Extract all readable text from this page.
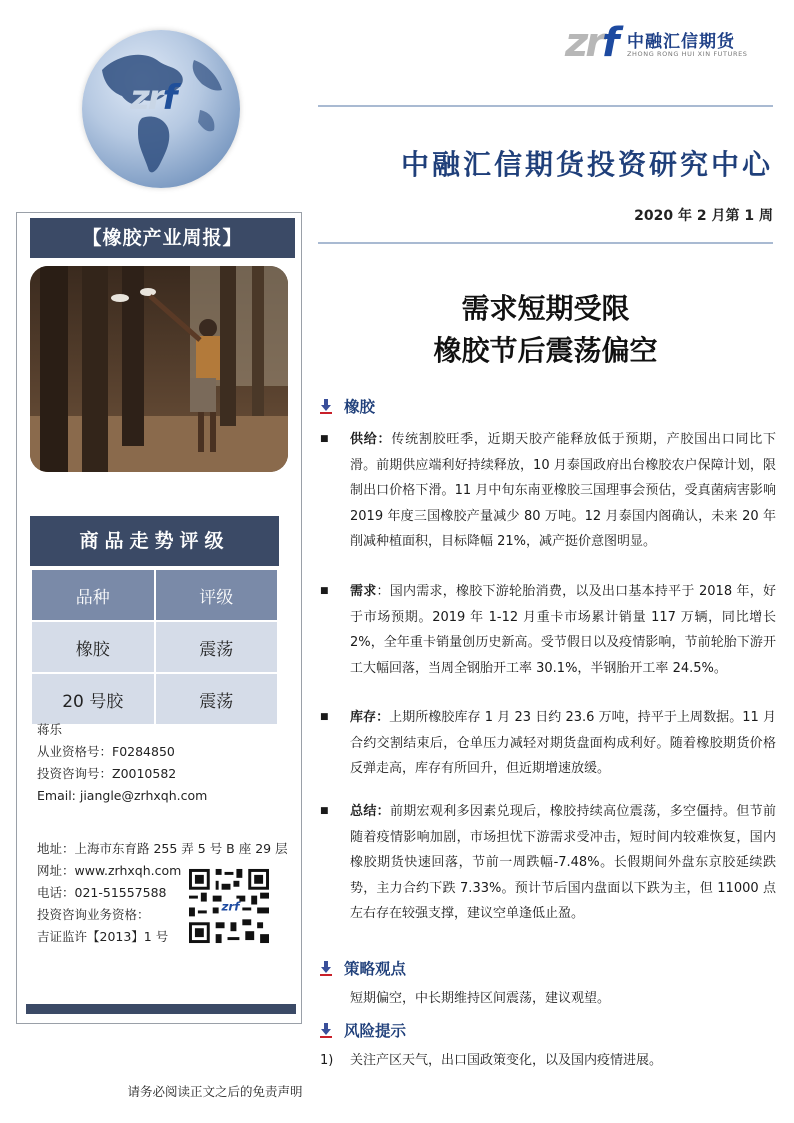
zrf
zrf 中融汇信期货
ZHONG RONG HUI XIN FUTURES
中融汇信期货投资研究中心
2020 年 2 月第 1 周
【橡胶产业周报】
商品走势评级
品种	评级
橡胶	震荡
20 号胶	震荡
蒋乐
从业资格号：F0284850
投资咨询号：Z0010582
Email: jiangle@zrhxqh.com
地址：上海市东育路 255 弄 5 号 B 座 29 层
网址：www.zrhxqh.com
电话：021-51557588
投资咨询业务资格：
吉证监许【2013】1 号
zrf
需求短期受限
橡胶节后震荡偏空
橡胶
■ 供给：传统割胶旺季，近期天胶产能释放低于预期，产胶国出口同比下滑。前期供应端利好持续释放，10 月泰国政府出台橡胶农户保障计划，限制出口价格下滑。11 月中旬东南亚橡胶三国理事会预估，受真菌病害影响 2019 年度三国橡胶产量减少 80 万吨。12 月泰国内阁确认，未来 20 年削减种植面积，目标降幅 21%，减产挺价意图明显。
■ 需求：国内需求，橡胶下游轮胎消费，以及出口基本持平于 2018 年，好于市场预期。2019 年 1-12 月重卡市场累计销量 117 万辆，同比增长 2%，全年重卡销量创历史新高。受节假日以及疫情影响，节前轮胎下游开工大幅回落，当周全钢胎开工率 30.1%，半钢胎开工率 24.5%。
■ 库存：上期所橡胶库存 1 月 23 日约 23.6 万吨，持平于上周数据。11 月合约交割结束后，仓单压力减轻对期货盘面构成利好。随着橡胶期货价格反弹走高，库存有所回升，但近期增速放缓。
■ 总结：前期宏观利多因素兑现后，橡胶持续高位震荡，多空僵持。但节前随着疫情影响加剧，市场担忧下游需求受冲击，短时间内较难恢复，国内橡胶期货快速回落，节前一周跌幅-7.48%。长假期间外盘东京胶延续跌势，主力合约下跌 7.33%。预计节后国内盘面以下跌为主，但 11000 点左右存在较强支撑，建议空单逢低止盈。
策略观点
短期偏空，中长期维持区间震荡，建议观望。
风险提示
1) 关注产区天气，出口国政策变化，以及国内疫情进展。
请务必阅读正文之后的免责声明
